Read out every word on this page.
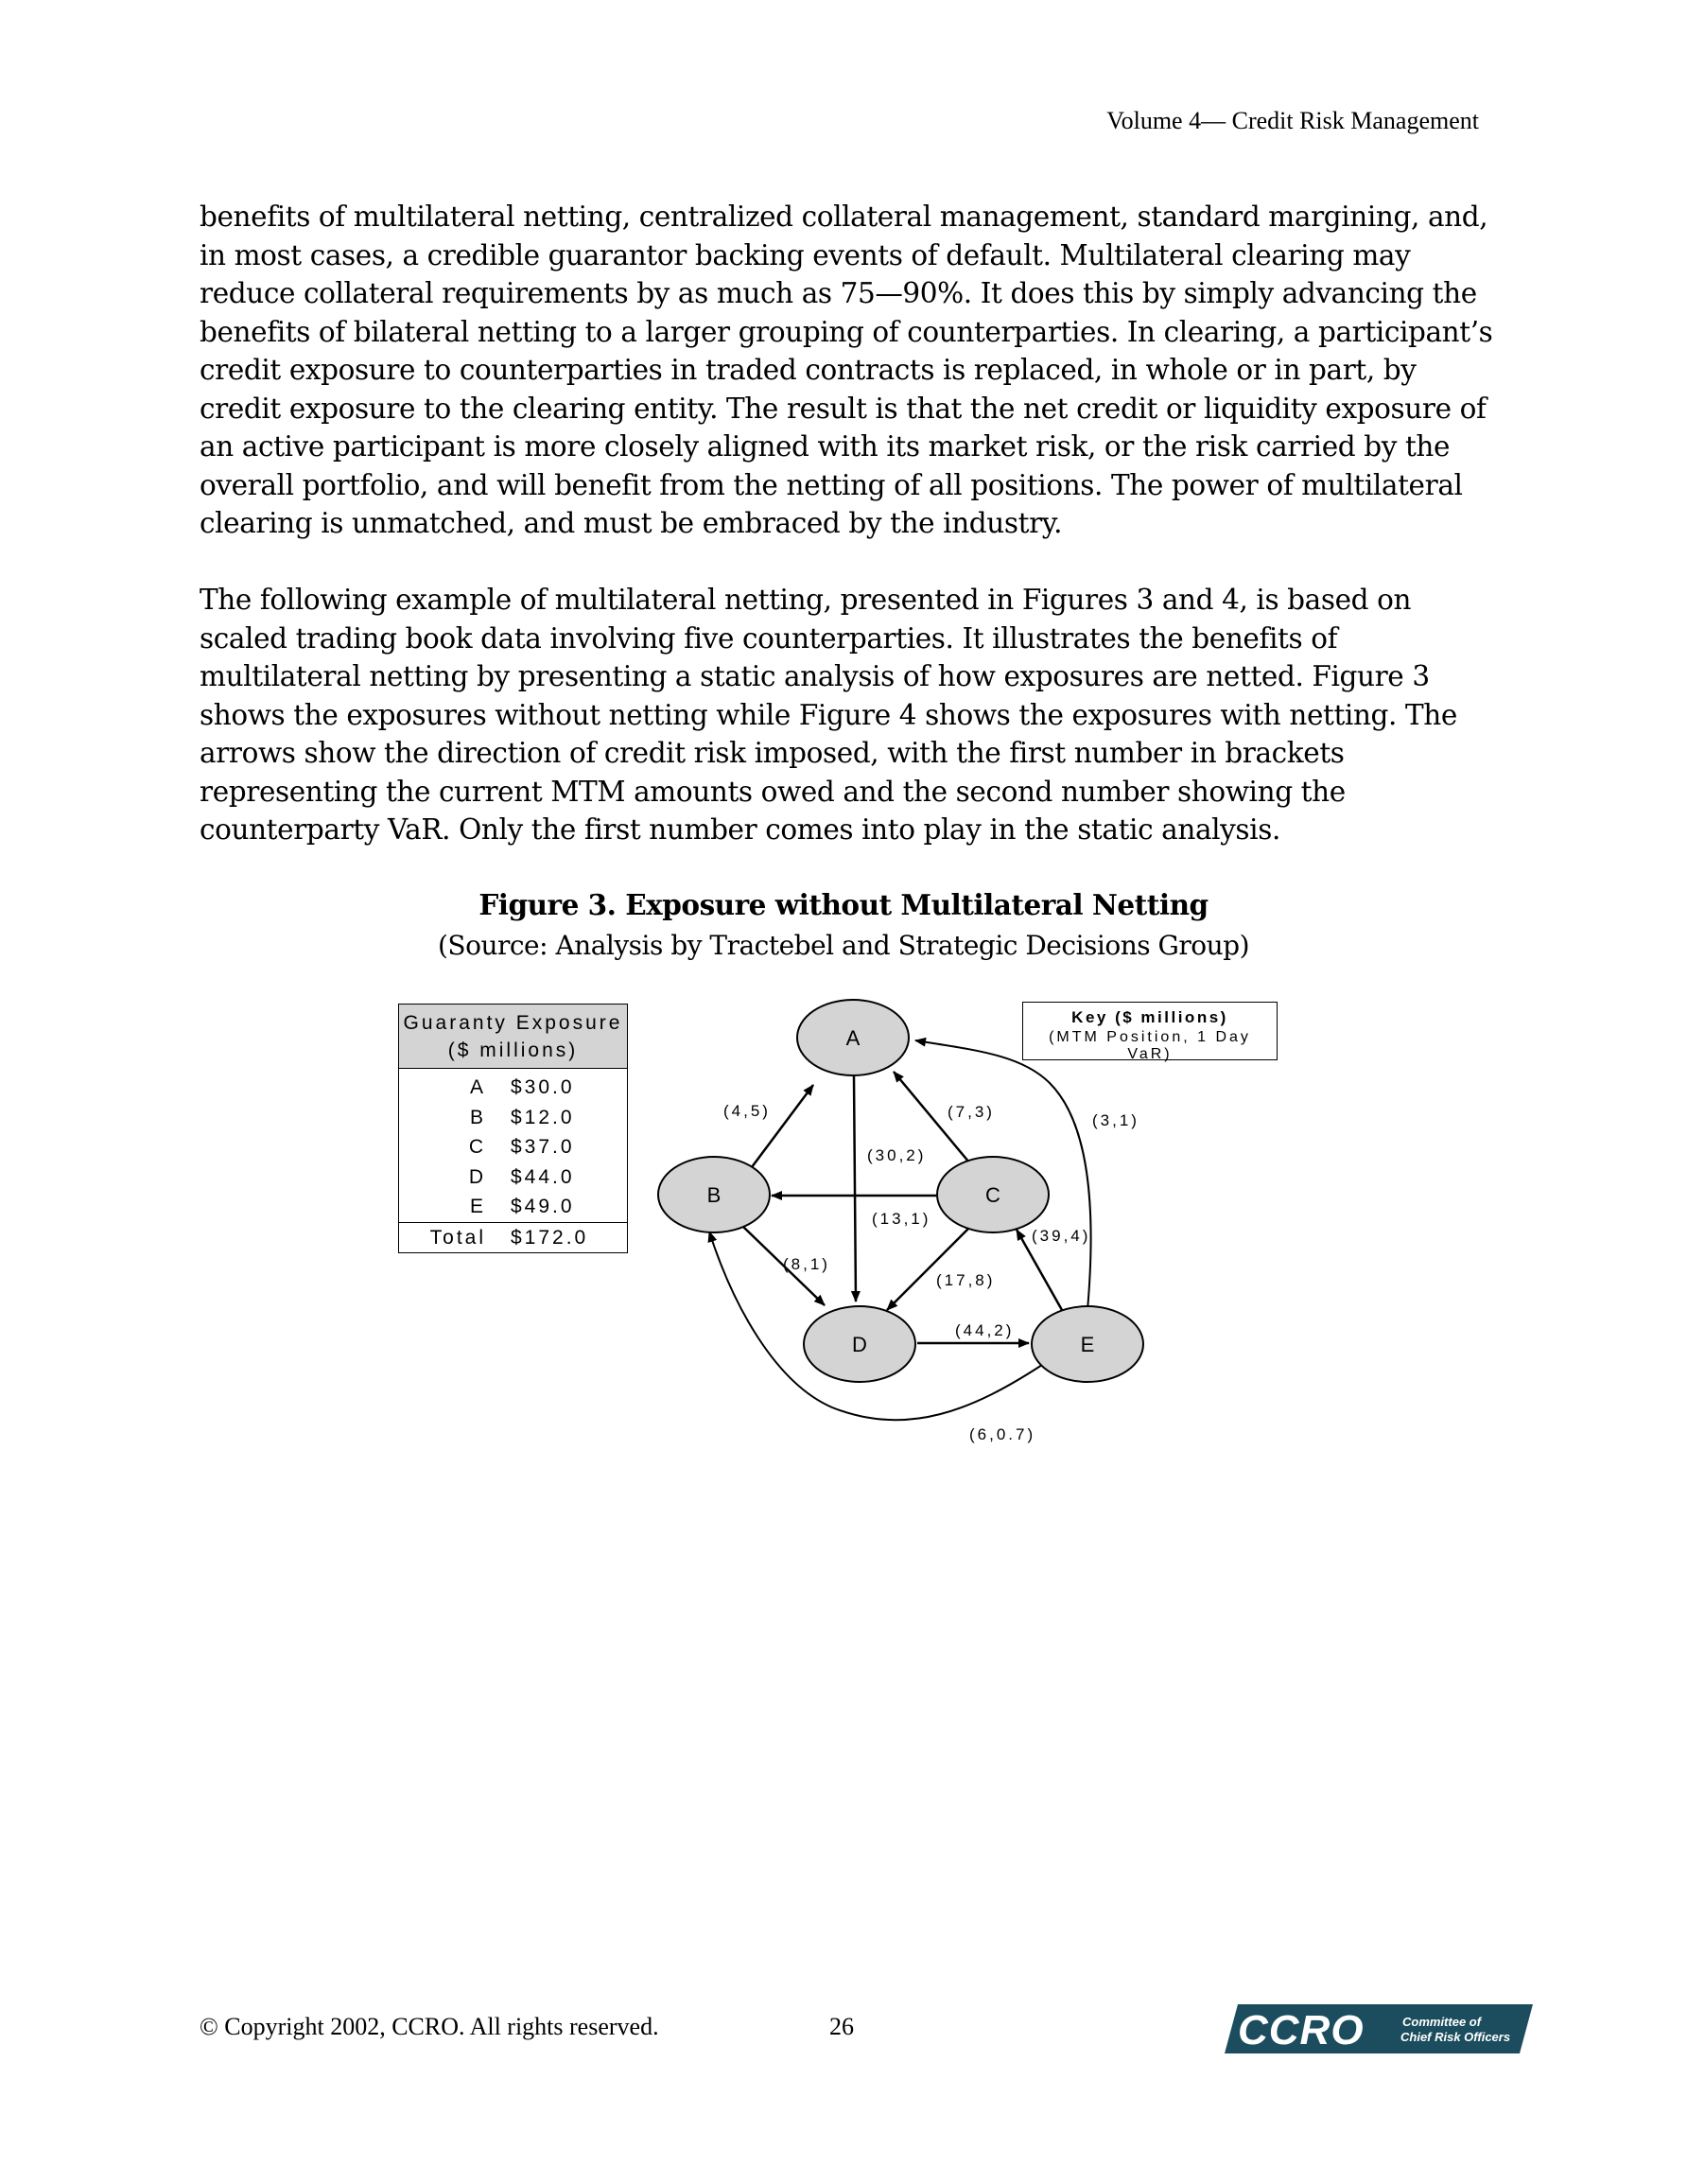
Volume 4— Credit Risk Management

benefits of multilateral netting, centralized collateral management, standard margining, and, in most cases, a credible guarantor backing events of default. Multilateral clearing may reduce collateral requirements by as much as 75—90%. It does this by simply advancing the benefits of bilateral netting to a larger grouping of counterparties. In clearing, a participant’s credit exposure to counterparties in traded contracts is replaced, in whole or in part, by credit exposure to the clearing entity. The result is that the net credit or liquidity exposure of an active participant is more closely aligned with its market risk, or the risk carried by the overall portfolio, and will benefit from the netting of all positions. The power of multilateral clearing is unmatched, and must be embraced by the industry.

The following example of multilateral netting, presented in Figures 3 and 4, is based on scaled trading book data involving five counterparties. It illustrates the benefits of multilateral netting by presenting a static analysis of how exposures are netted. Figure 3 shows the exposures without netting while Figure 4 shows the exposures with netting. The arrows show the direction of credit risk imposed, with the first number in brackets representing the current MTM amounts owed and the second number showing the counterparty VaR. Only the first number comes into play in the static analysis.

Figure 3. Exposure without Multilateral Netting
(Source: Analysis by Tractebel and Strategic Decisions Group)
Guaranty Exposure
($ millions)
A	$30.0
B	$12.0
C	$37.0
D	$44.0
E	$49.0
Total	$172.0
Key ($ millions)
(MTM Position, 1 Day VaR)
A
B	C
D	E
(4,5)	(7,3)	(3,1)
(30,2)
(13,1)
(8,1)
(17,8)
(39,4)
(44,2)
(6,0.7)
© Copyright 2002, CCRO. All rights reserved.	26	CCRO	Committee of
Chief Risk Officers
